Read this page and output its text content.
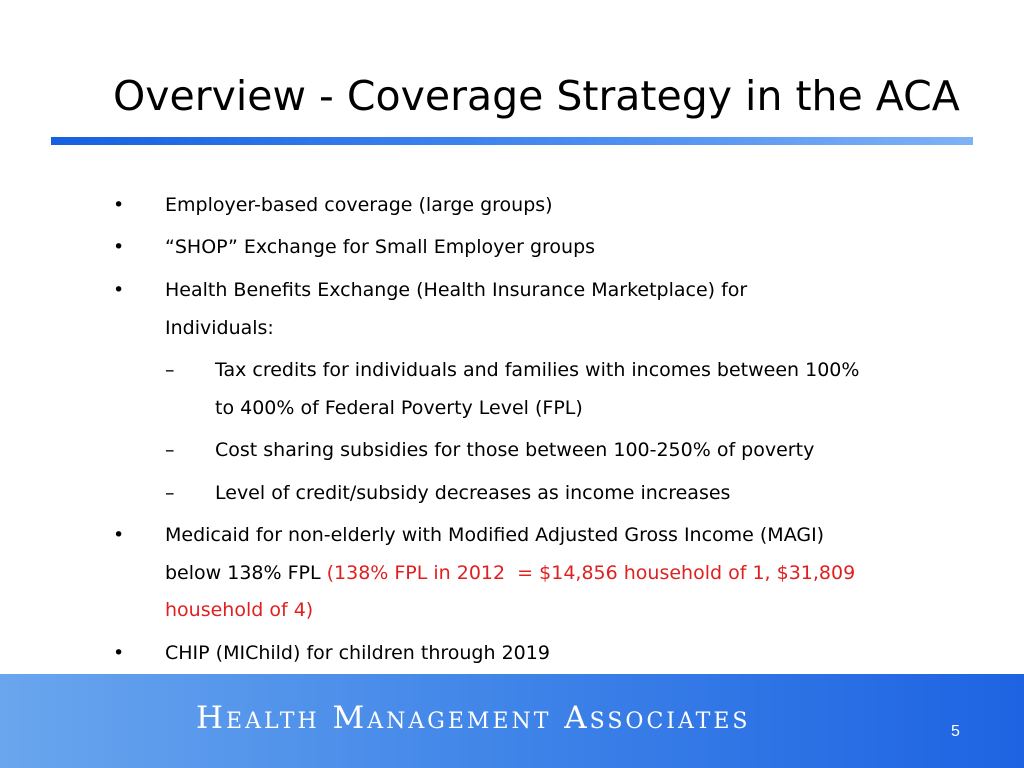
Overview - Coverage Strategy in the ACA
•	Employer-based coverage (large groups)
•	“SHOP” Exchange for Small Employer groups
•	Health Benefits Exchange (Health Insurance Marketplace) for
Individuals:
–	Tax credits for individuals and families with incomes between 100%
to 400% of Federal Poverty Level (FPL)
–	Cost sharing subsidies for those between 100-250% of poverty
–	Level of credit/subsidy decreases as income increases
•	Medicaid for non-elderly with Modified Adjusted Gross Income (MAGI)
below 138% FPL (138% FPL in 2012  = $14,856 household of 1, $31,809
household of 4)
•	CHIP (MIChild) for children through 2019
Health Management Associates	5
